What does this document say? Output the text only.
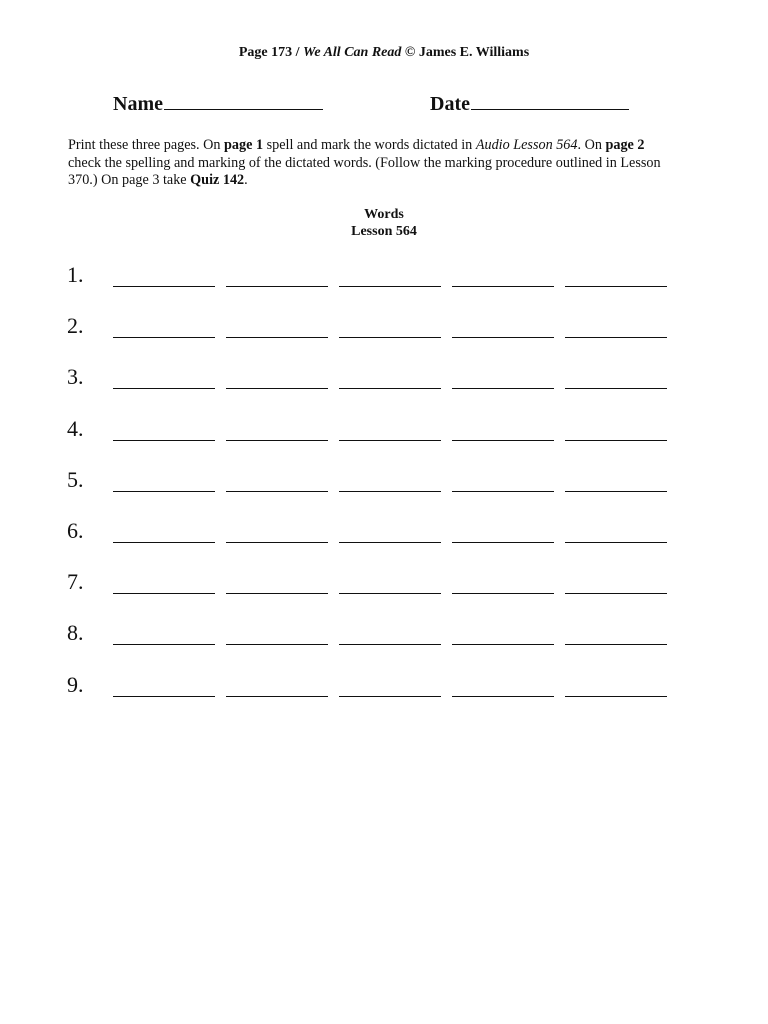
Page 173 / We All Can Read © James E. Williams
Name	Date
Print these three pages. On page 1 spell and mark the words dictated in Audio Lesson 564. On page 2 check the spelling and marking of the dictated words. (Follow the marking procedure outlined in Lesson 370.) On page 3 take Quiz 142.
Words
Lesson 564
1.
2.
3.
4.
5.
6.
7.
8.
9.
